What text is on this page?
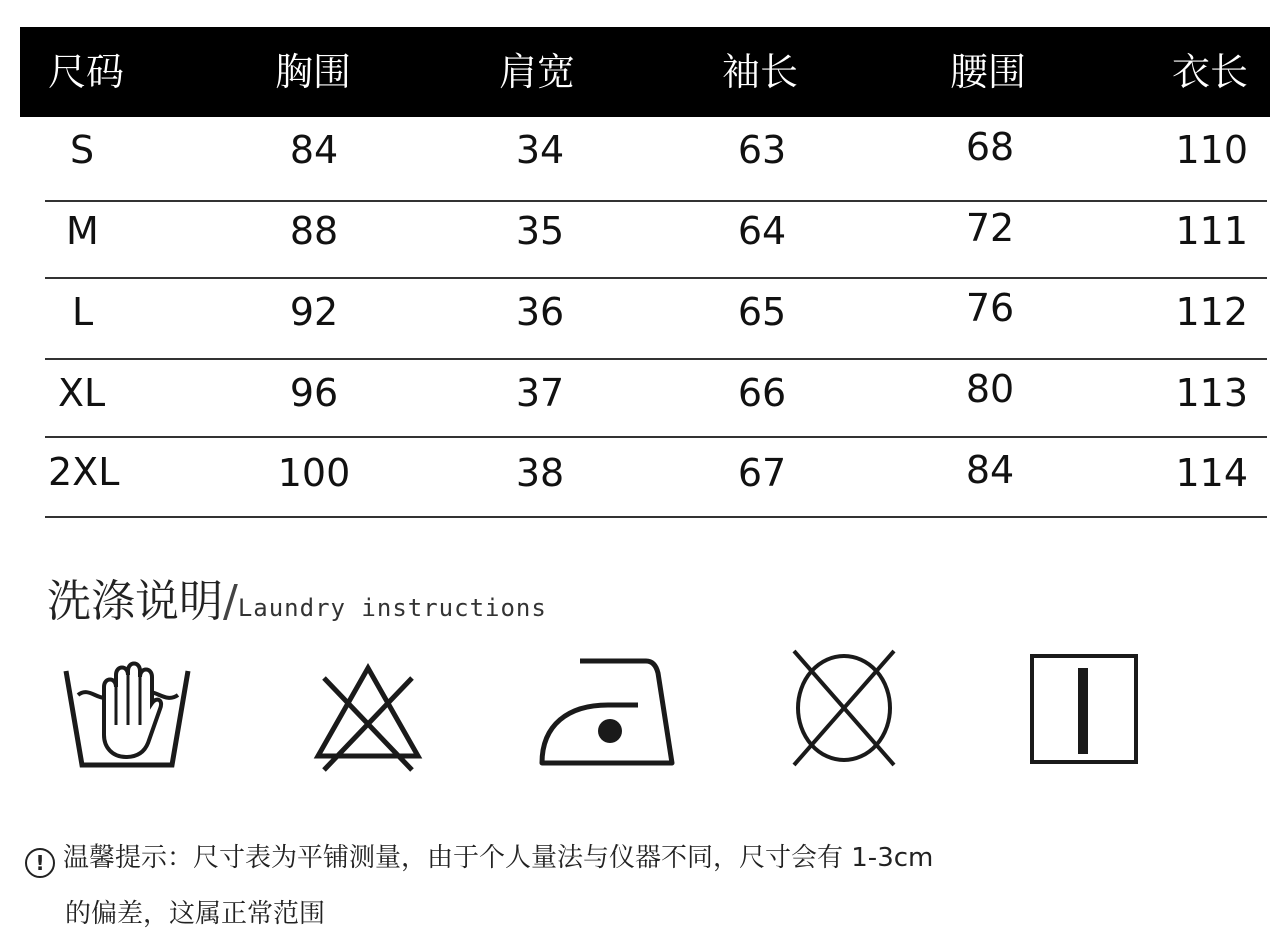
尺码	胸围	肩宽	袖长	腰围	衣长
S	84	34	63	68	110
M	88	35	64	72	111
L	92	36	65	76	112
XL	96	37	66	80	113
2XL	100	38	67	84	114
洗涤说明/Laundry instructions
! 温馨提示：尺寸表为平铺测量，由于个人量法与仪器不同，尺寸会有 1-3cm
的偏差，这属正常范围
